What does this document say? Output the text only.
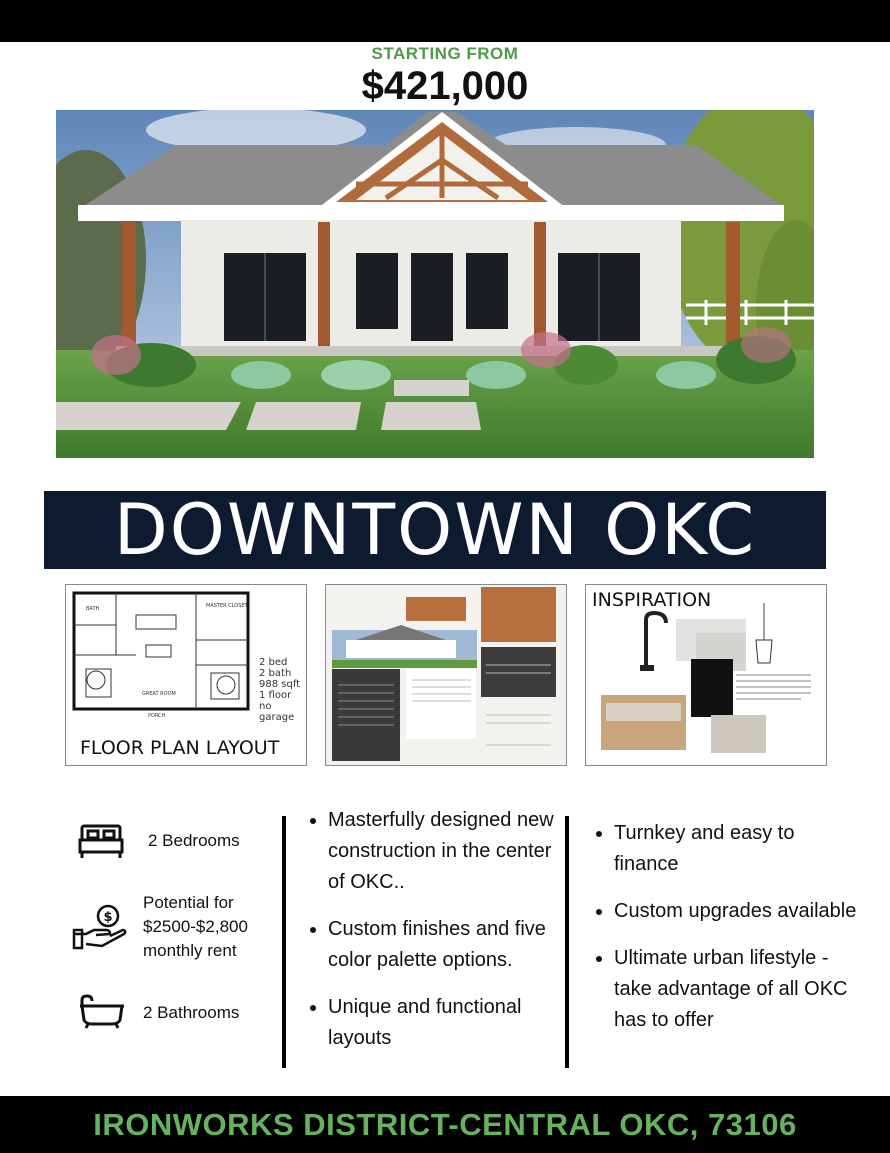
STARTING FROM
$421,000
DOWNTOWN OKC
BATH	MASTER CLOSET
GREAT ROOM
PORCH
2 bed
2 bath
988 sqft
1 floor
no garage
FLOOR PLAN LAYOUT
INSPIRATION
2 Bedrooms
$
Potential for $2500-$2,800 monthly rent
2 Bathrooms
• Masterfully designed new construction in the center of OKC..
• Custom finishes and five color palette options.
• Unique and functional layouts
• Turnkey and easy to finance
• Custom upgrades available
• Ultimate urban lifestyle - take advantage of all OKC has to offer
IRONWORKS DISTRICT-CENTRAL OKC, 73106
